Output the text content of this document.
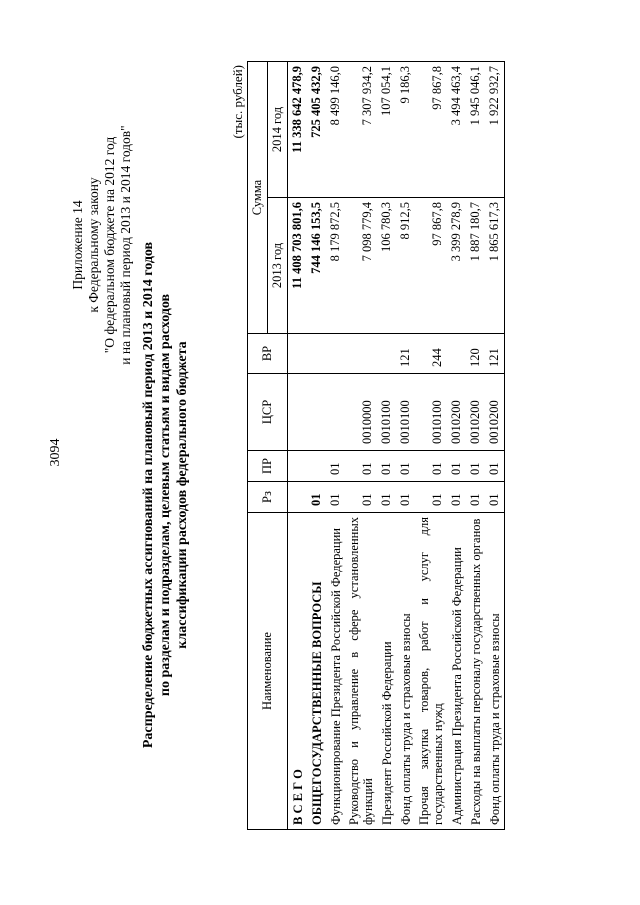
3094
Приложение 14 к Федеральному закону "О федеральном бюджете на 2012 год и на плановый период 2013 и 2014 годов" Распределение бюджетных ассигнований на плановый период 2013 и 2014 годов по разделам и подразделам, целевым статьям и видам расходов классификации расходов федерального бюджета
(тыс. рублей)
Наименование	Рз	ПР	ЦСР	ВР	Сумма	
					2013 год	2014 год
В С Е Г О					11 408 703 801,6	11 338 642 478,9
ОБЩЕГОСУДАРСТВЕННЫЕ ВОПРОСЫ	01				744 146 153,5	725 405 432,9
Функционирование Президента Российской Федерации	01	01			8 179 872,5	8 499 146,0
Руководство и управление в сфере установленных функций	01	01	0010000		7 098 779,4	7 307 934,2
Президент Российской Федерации	01	01	0010100		106 780,3	107 054,1
Фонд оплаты труда и страховые взносы	01	01	0010100	121	8 912,5	9 186,3
Прочая закупка товаров, работ и услуг для государственных нужд	01	01	0010100	244	97 867,8	97 867,8
Администрация Президента Российской Федерации	01	01	0010200		3 399 278,9	3 494 463,4
Расходы на выплаты персоналу государственных органов	01	01	0010200	120	1 887 180,7	1 945 046,1
Фонд оплаты труда и страховые взносы	01	01	0010200	121	1 865 617,3	1 922 932,7
